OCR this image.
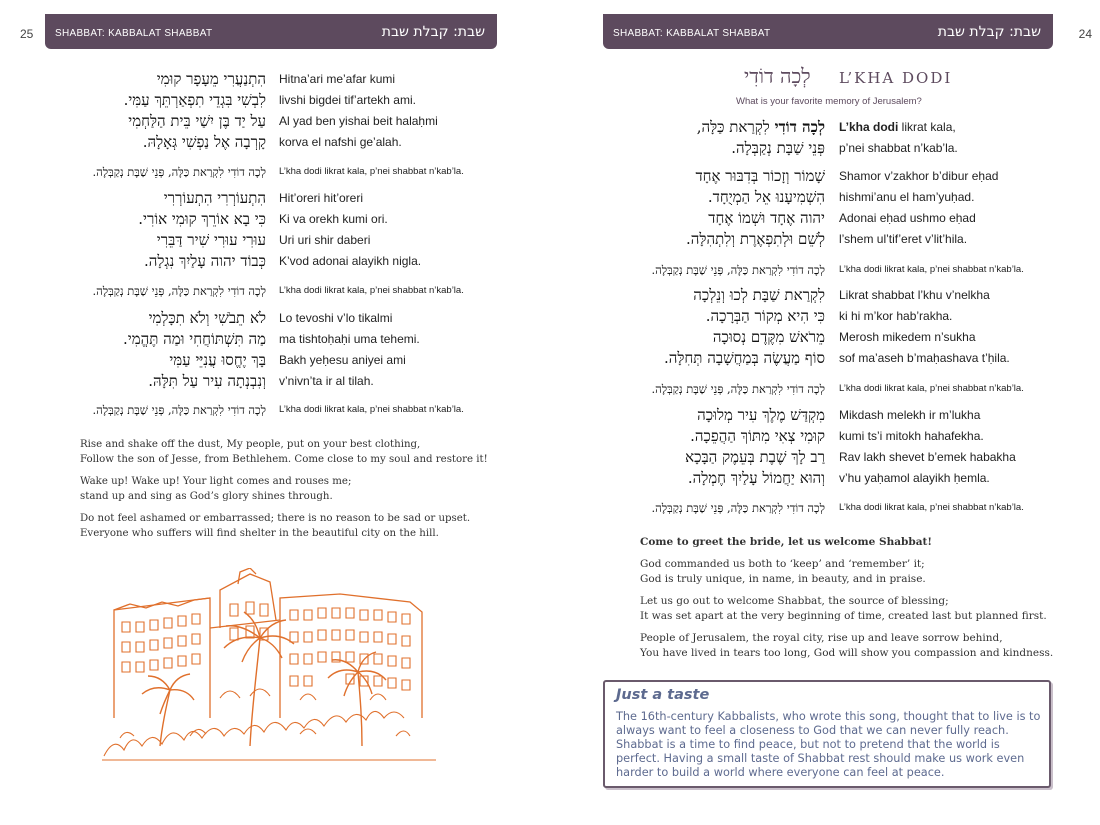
25 SHABBAT: KABBALAT SHABBAT	שבת: קבלת שבת
הִתְנַעֲרִי מֵעָפָר קוּמִי Hitna’ari me’afar kumi
לִבְשִׁי בִּגְדֵי תִפְאַרְתֵּךְ עַמִּי. livshi bigdei tif’artekh ami.
עַל יַד בֶּן יִשַׁי בֵּית הַלַּחְמִי Al yad ben yishai beit halaḥmi
קָרְבָה אֶל נַפְשִׁי גְּאָלָהּ. korva el nafshi ge’alah.
לְכָה דוֹדִי לִקְרַאת כַּלָּה, פְּנֵי שַׁבָּת נְקַבְּלָה. L’kha dodi likrat kala, p’nei shabbat n’kab’la.
הִתְעוֹרְרִי הִתְעוֹרְרִי Hit’oreri hit’oreri
כִּי בָא אוֹרֵךְ קוּמִי אוֹרִי. Ki va orekh kumi ori.
עוּרִי עוּרִי שִׁיר דַּבֵּרִי Uri uri shir daberi
כְּבוֹד יהוה עָלַיִךְ נִגְלָה. K’vod adonai alayikh nigla.
לְכָה דוֹדִי לִקְרַאת כַּלָּה, פְּנֵי שַׁבָּת נְקַבְּלָה. L’kha dodi likrat kala, p’nei shabbat n’kab’la.
לֹא תֵבֹשִׁי וְלֹא תִכָּלְמִי Lo tevoshi v’lo tikalmi
מַה תִּשְׁתּוֹחֲחִי וּמַה תֶּהֱמִי. ma tishtoḥaḥi uma tehemi.
בָּךְ יֶחֱסוּ עֲנִיֵּי עַמִּי Bakh yeḥesu aniyei ami
וְנִבְנְתָה עִיר עַל תִּלָּהּ. v’nivn’ta ir al tilah.
לְכָה דוֹדִי לִקְרַאת כַּלָּה, פְּנֵי שַׁבָּת נְקַבְּלָה. L’kha dodi likrat kala, p’nei shabbat n’kab’la.

Rise and shake off the dust, My people, put on your best clothing,
Follow the son of Jesse, from Bethlehem. Come close to my soul and restore it!

Wake up! Wake up! Your light comes and rouses me;
stand up and sing as God’s glory shines through.

Do not feel ashamed or embarrassed; there is no reason to be sad or upset.
Everyone who suffers will find shelter in the beautiful city on the hill.

24
SHABBAT: KABBALAT SHABBAT	שבת: קבלת שבת
לְכָה דוֹדִי L’KHA DODI
What is your favorite memory of Jerusalem?
לְכָה דוֹדִי לִקְרַאת כַּלָּה,	L’kha dodi likrat kala,
פְּנֵי שַׁבָּת נְקַבְּלָה. p’nei shabbat n’kab’la.
שָׁמוֹר וְזָכוֹר בְּדִבּוּר אֶחָד Shamor v’zakhor b’dibur eḥad
הִשְׁמִיעָנוּ אֵל הַמְיֻחָד. hishmi’anu el ham’yuḥad.
יהוה אֶחָד וּשְׁמוֹ אֶחָד Adonai eḥad ushmo eḥad
לְשֵׁם וּלְתִפְאֶרֶת וְלִתְהִלָּה. l’shem ul’tif’eret v’lit’hila.
לְכָה דוֹדִי לִקְרַאת כַּלָּה, פְּנֵי שַׁבָּת נְקַבְּלָה. L’kha dodi likrat kala, p’nei shabbat n’kab’la.
לִקְרַאת שַׁבָּת לְכוּ וְנֵלְכָה Likrat shabbat l’khu v’nelkha
כִּי הִיא מְקוֹר הַבְּרָכָה. ki hi m’kor hab’rakha.
מֵרֹאשׁ מִקֶּדֶם נְסוּכָה Merosh mikedem n’sukha
סוֹף מַעֲשֶׂה בְּמַחֲשָׁבָה תְּחִלָּה. sof ma’aseh b’maḥashava t’ḥila.
לְכָה דוֹדִי לִקְרַאת כַּלָּה, פְּנֵי שַׁבָּת נְקַבְּלָה. L’kha dodi likrat kala, p’nei shabbat n’kab’la.
מִקְדַּשׁ מֶלֶךְ עִיר מְלוּכָה Mikdash melekh ir m’lukha
קוּמִי צְאִי מִתּוֹךְ הַהֲפֵכָה. kumi ts’i mitokh hahafekha.
רַב לָךְ שֶׁבֶת בְּעֵמֶק הַבָּכָא Rav lakh shevet b’emek habakha
וְהוּא יַחֲמוֹל עָלַיִךְ חֶמְלָה. v’hu yaḥamol alayikh ḥemla.
לְכָה דוֹדִי לִקְרַאת כַּלָּה, פְּנֵי שַׁבָּת נְקַבְּלָה. L’kha dodi likrat kala, p’nei shabbat n’kab’la.

Come to greet the bride, let us welcome Shabbat!

God commanded us both to ‘keep’ and ‘remember’ it;
God is truly unique, in name, in beauty, and in praise.

Let us go out to welcome Shabbat, the source of blessing;
It was set apart at the very beginning of time, created last but planned first.

People of Jerusalem, the royal city, rise up and leave sorrow behind,
You have lived in tears too long, God will show you compassion and kindness.

Just a taste
The 16th-century Kabbalists, who wrote this song, thought that to live is to always want to feel a closeness to God that we can never fully reach. Shabbat is a time to find peace, but not to pretend that the world is perfect. Having a small taste of Shabbat rest should make us work even harder to build a world where everyone can feel at peace.
